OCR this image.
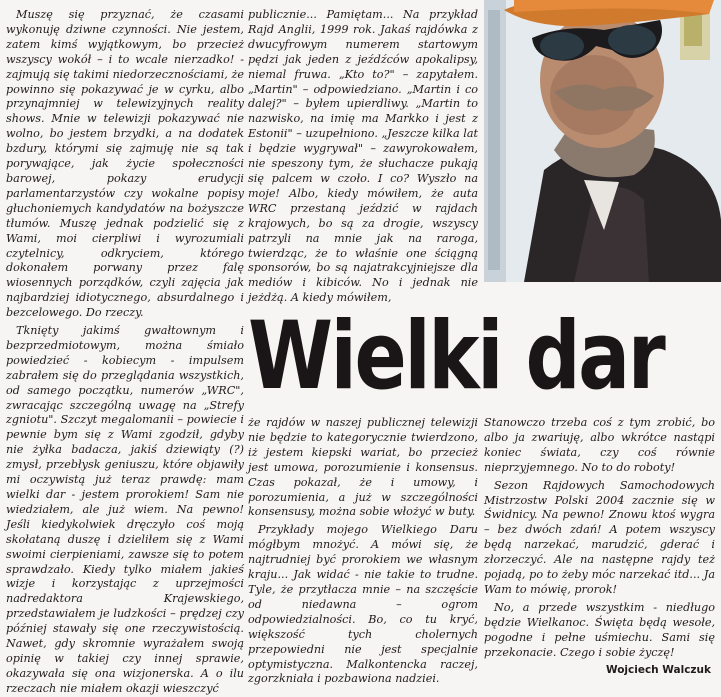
Muszę się przyznać, że czasami wykonuję dziwne czynności. Nie jestem, zatem kimś wyjątkowym, bo przecież wszyscy wokół – i to wcale nierzadko! - zajmują się takimi niedorzecznościami, że powinno się pokazywać je w cyrku, albo przynajmniej w telewizyjnych reality shows. Mnie w telewizji pokazywać nie wolno, bo jestem brzydki, a na dodatek bzdury, którymi się zajmuję nie są tak porywające, jak życie społeczności barowej, pokazy erudycji parlamentarzystów czy wokalne popisy głuchoniemych kandydatów na bożyszcze tłumów. Muszę jednak podzielić się z Wami, moi cierpliwi i wyrozumiali czytelnicy, odkryciem, którego dokonałem porwany przez falę wiosennych porządków, czyli zajęcia jak najbardziej idiotycznego, absurdalnego i bezcelowego. Do rzeczy.

Tknięty jakimś gwałtownym i bezprzedmiotowym, można śmiało powiedzieć - kobiecym - impulsem zabrałem się do przeglądania wszystkich, od samego początku, numerów „WRC", zwracając szczególną uwagę na „Strefy zgniotu". Szczyt megalomanii – powiecie i pewnie bym się z Wami zgodził, gdyby nie żyłka badacza, jakiś dziewiąty (?) zmysł, przebłysk geniuszu, które objawiły mi oczywistą już teraz prawdę: mam wielki dar - jestem prorokiem! Sam nie wiedziałem, ale już wiem. Na pewno! Jeśli kiedykolwiek dręczyło coś moją skołataną duszę i dzieliłem się z Wami swoimi cierpieniami, zawsze się to potem sprawdzało. Kiedy tylko miałem jakieś wizje i korzystając z uprzejmości nadredaktora Krajewskiego, przedstawiałem je ludzkości – prędzej czy później stawały się one rzeczywistością. Nawet, gdy skromnie wyrażałem swoją opinię w takiej czy innej sprawie, okazywała się ona wizjonerska. A o ilu rzeczach nie miałem okazji wieszczyć

publicznie... Pamiętam... Na przykład Rajd Anglii, 1999 rok. Jakaś rajdówka z dwucyfrowym numerem startowym pędzi jak jeden z jeźdźców apokalipsy, niemal fruwa. „Kto to?" – zapytałem. „Martin" – odpowiedziano. „Martin i co dalej?" – byłem upierdliwy. „Martin to nazwisko, na imię ma Markko i jest z Estonii" – uzupełniono. „Jeszcze kilka lat i będzie wygrywał" – zawyrokowałem, nie speszony tym, że słuchacze pukają się palcem w czoło. I co? Wyszło na moje! Albo, kiedy mówiłem, że auta WRC przestaną jeździć w rajdach krajowych, bo są za drogie, wszyscy patrzyli na mnie jak na raroga, twierdząc, że to właśnie one ściągną sponsorów, bo są najatrakcyjniejsze dla mediów i kibiców. No i jednak nie jeżdżą. A kiedy mówiłem,

Wielki dar

że rajdów w naszej publicznej telewizji nie będzie to kategorycznie twierdzono, iż jestem kiepski wariat, bo przecież jest umowa, porozumienie i konsensus. Czas pokazał, że i umowy, i porozumienia, a już w szczególności konsensusy, można sobie włożyć w buty.

Przykłady mojego Wielkiego Daru mógłbym mnożyć. A mówi się, że najtrudniej być prorokiem we własnym kraju... Jak widać - nie takie to trudne. Tyle, że przytłacza mnie – na szczęście od niedawna – ogrom odpowiedzialności. Bo, co tu kryć, większość tych cholernych przepowiedni nie jest specjalnie optymistyczna. Malkontencka raczej, zgorzkniała i pozbawiona nadziei.

Stanowczo trzeba coś z tym zrobić, bo albo ja zwariuję, albo wkrótce nastąpi koniec świata, czy coś równie nieprzyjemnego. No to do roboty!

Sezon Rajdowych Samochodowych Mistrzostw Polski 2004 zacznie się w Świdnicy. Na pewno! Znowu ktoś wygra – bez dwóch zdań! A potem wszyscy będą narzekać, marudzić, gderać i złorzeczyć. Ale na następne rajdy też pojadą, po to żeby móc narzekać itd... Ja Wam to mówię, prorok!

No, a przede wszystkim - niedługo będzie Wielkanoc. Święta będą wesołe, pogodne i pełne uśmiechu. Sami się przekonacie. Czego i sobie życzę!

Wojciech Walczuk
